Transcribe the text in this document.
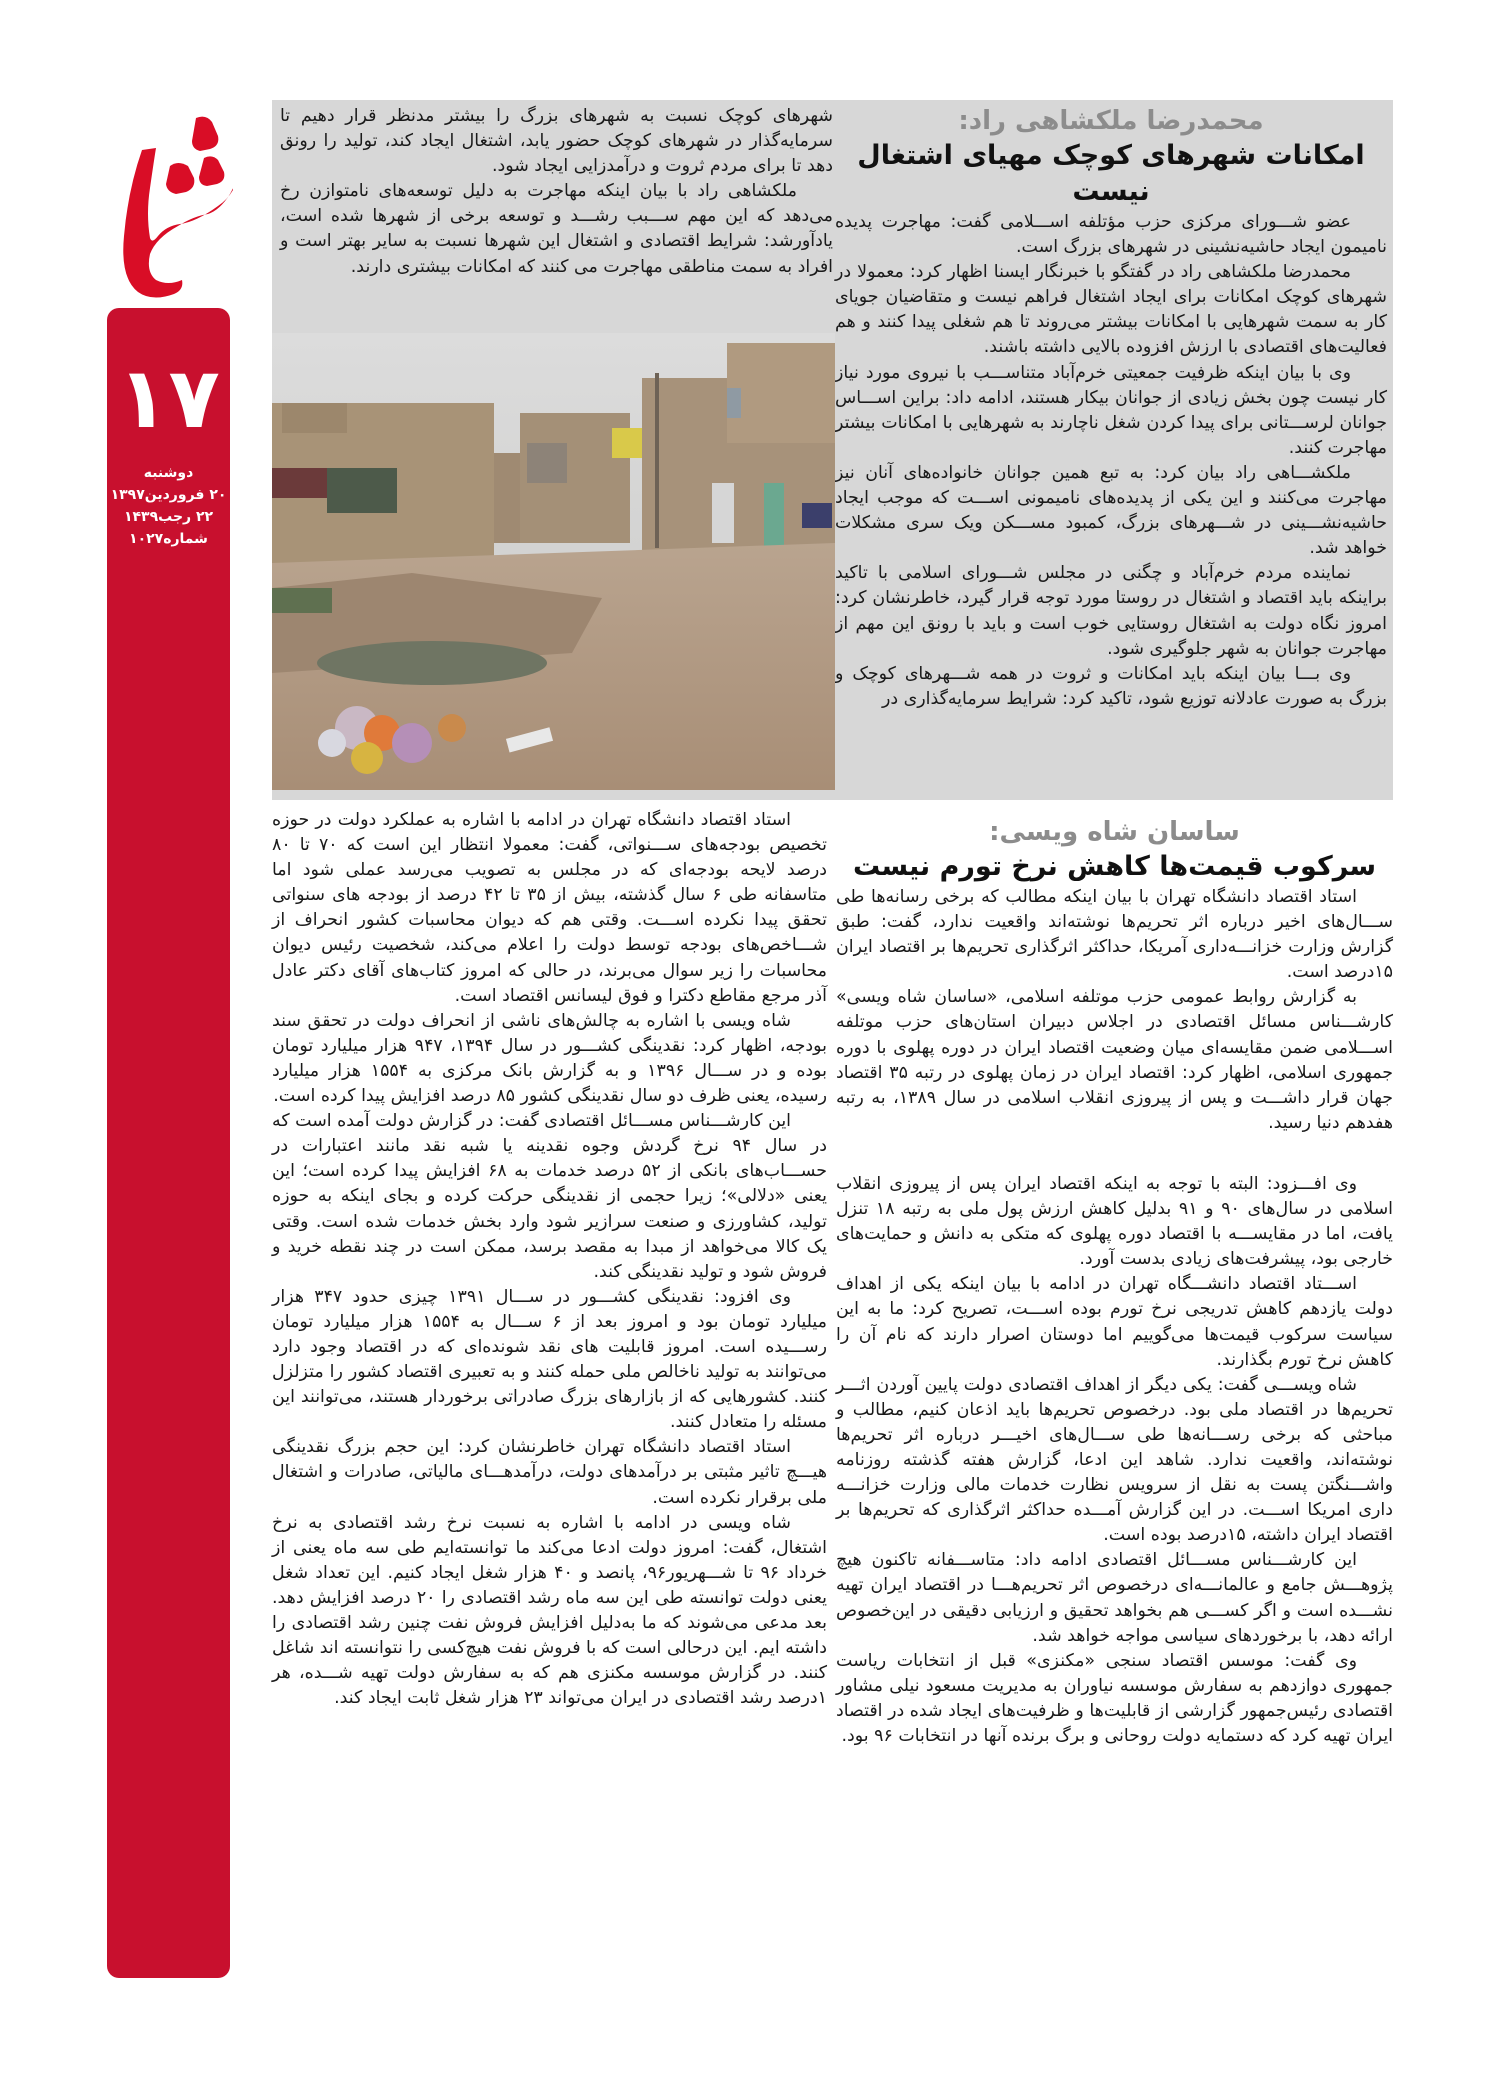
۱۷
دوشنبه
۲۰ فروردین۱۳۹۷
۲۲ رجب۱۴۳۹
شماره۱۰۲۷
محمدرضا ملکشاهی راد:
امکانات شهرهای کوچک مهیای اشتغال نیست

عضو شـــورای مرکزی حزب مؤتلفه اســـلامی گفت: مهاجرت پدیده نامیمون ایجاد حاشیه‌نشینی در شهرهای بزرگ است.

محمدرضا ملکشاهی راد در گفتگو با خبرنگار ایسنا اظهار کرد: معمولا در شهرهای کوچک امکانات برای ایجاد اشتغال فراهم نیست و متقاضیان جویای کار به سمت شهرهایی با امکانات بیشتر می‌روند تا هم شغلی پیدا کنند و هم فعالیت‌های اقتصادی با ارزش افزوده بالایی داشته باشند.

وی با بیان اینکه ظرفیت جمعیتی خرم‌آباد متناســـب با نیروی مورد نیاز کار نیست چون بخش زیادی از جوانان بیکار هستند، ادامه داد: براین اســـاس جوانان لرســـتانی برای پیدا کردن شغل ناچارند به شهرهایی با امکانات بیشتر مهاجرت کنند.

ملکشـــاهی راد بیان کرد: به تبع همین جوانان خانواده‌های آنان نیز مهاجرت می‌کنند و این یکی از پدیده‌های نامیمونی اســـت که موجب ایجاد حاشیه‌نشـــینی در شـــهرهای بزرگ، کمبود مســـکن ویک سری مشکلات خواهد شد.

نماینده مردم خرم‌آباد و چگنی در مجلس شـــورای اسلامی با تاکید براینکه باید اقتصاد و اشتغال در روستا مورد توجه قرار گیرد، خاطرنشان کرد: امروز نگاه دولت به اشتغال روستایی خوب است و باید با رونق این مهم از مهاجرت جوانان به شهر جلوگیری شود.

وی بـــا بیان اینکه باید امکانات و ثروت در همه شـــهرهای کوچک و بزرگ به صورت عادلانه توزیع شود، تاکید کرد: شرایط سرمایه‌گذاری در

شهرهای کوچک نسبت به شهرهای بزرگ را بیشتر مدنظر قرار دهیم تا سرمایه‌گذار در شهرهای کوچک حضور یابد، اشتغال ایجاد کند، تولید را رونق دهد تا برای مردم ثروت و درآمدزایی ایجاد شود.

ملکشاهی راد با بیان اینکه مهاجرت به دلیل توسعه‌های نامتوازن رخ می‌دهد که این مهم ســـبب رشـــد و توسعه برخی از شهرها شده است، یادآورشد: شرایط اقتصادی و اشتغال این شهرها نسبت به سایر بهتر است و افراد به سمت مناطقی مهاجرت می کنند که امکانات بیشتری دارند.

استاد اقتصاد دانشگاه تهران در ادامه با اشاره به عملکرد دولت در حوزه تخصیص بودجه‌های ســـنواتی، گفت: معمولا انتظار این است که ۷۰ تا ۸۰ درصد لایحه بودجه‌ای که در مجلس به تصویب می‌رسد عملی شود اما متاسفانه طی ۶ سال گذشته، بیش از ۳۵ تا ۴۲ درصد از بودجه های سنواتی تحقق پیدا نکرده اســـت. وقتی هم که دیوان محاسبات کشور انحراف از شـــاخص‌های بودجه توسط دولت را اعلام می‌کند، شخصیت رئیس دیوان محاسبات را زیر سوال می‌برند، در حالی که امروز کتاب‌های آقای دکتر عادل آذر مرجع مقاطع دکترا و فوق لیسانس اقتصاد است.

شاه ویسی با اشاره به چالش‌های ناشی از انحراف دولت در تحقق سند بودجه، اظهار کرد: نقدینگی کشـــور در سال ۱۳۹۴، ۹۴۷ هزار میلیارد تومان بوده و در ســـال ۱۳۹۶ و به گزارش بانک مرکزی به ۱۵۵۴ هزار میلیارد رسیده، یعنی ظرف دو سال نقدینگی کشور ۸۵ درصد افزایش پیدا کرده است.

این کارشـــناس مســـائل اقتصادی گفت: در گزارش دولت آمده است که در سال ۹۴ نرخ گردش وجوه نقدینه یا شبه نقد مانند اعتبارات در حســـاب‌های بانکی از ۵۲ درصد خدمات به ۶۸ افزایش پیدا کرده است؛ این یعنی «دلالی»؛ زیرا حجمی از نقدینگی حرکت کرده و بجای اینکه به حوزه تولید، کشاورزی و صنعت سرازیر شود وارد بخش خدمات شده است. وقتی یک کالا می‌خواهد از مبدا به مقصد برسد، ممکن است در چند نقطه خرید و فروش شود و تولید نقدینگی کند.

وی افزود: نقدینگی کشـــور در ســـال ۱۳۹۱ چیزی حدود ۳۴۷ هزار میلیارد تومان بود و امروز بعد از ۶ ســـال به ۱۵۵۴ هزار میلیارد تومان رســـیده است. امروز قابلیت های نقد شونده‌ای که در اقتصاد وجود دارد می‌توانند به تولید ناخالص ملی حمله کنند و به تعبیری اقتصاد کشور را متزلزل کنند. کشورهایی که از بازارهای بزرگ صادراتی برخوردار هستند، می‌توانند این مسئله را متعادل کنند.

استاد اقتصاد دانشگاه تهران خاطرنشان کرد: این حجم بزرگ نقدینگی هیـــچ تاثیر مثبتی بر درآمدهای دولت، درآمدهـــای مالیاتی، صادرات و اشتغال ملی برقرار نکرده است.

شاه ویسی در ادامه با اشاره به نسبت نرخ رشد اقتصادی به نرخ اشتغال، گفت: امروز دولت ادعا می‌کند ما توانسته‌ایم طی سه ماه یعنی از خرداد ۹۶ تا شـــهریور۹۶، پانصد و ۴۰ هزار شغل ایجاد کنیم. این تعداد شغل یعنی دولت توانسته طی این سه ماه رشد اقتصادی را ۲۰ درصد افزایش دهد. بعد مدعی می‌شوند که ما به‌دلیل افزایش فروش نفت چنین رشد اقتصادی را داشته ایم. این درحالی است که با فروش نفت هیچ‌کسی را نتوانسته اند شاغل کنند. در گزارش موسسه مکنزی هم که به سفارش دولت تهیه شـــده، هر ۱درصد رشد اقتصادی در ایران می‌تواند ۲۳ هزار شغل ثابت ایجاد کند.

ساسان شاه ویسی:
سرکوب قیمت‌ها کاهش نرخ تورم نیست

استاد اقتصاد دانشگاه تهران با بیان اینکه مطالب که برخی رسانه‌ها طی ســـال‌های اخیر درباره اثر تحریم‌ها نوشته‌اند واقعیت ندارد، گفت: طبق گزارش وزارت خزانـــه‌داری آمریکا، حداکثر اثرگذاری تحریم‌ها بر اقتصاد ایران ۱۵درصد است.

به گزارش روابط عمومی حزب موتلفه اسلامی، «ساسان شاه ویسی» کارشـــناس مسائل اقتصادی در اجلاس دبیران استان‌های حزب موتلفه اســـلامی ضمن مقایسه‌ای میان وضعیت اقتصاد ایران در دوره پهلوی با دوره جمهوری اسلامی، اظهار کرد: اقتصاد ایران در زمان پهلوی در رتبه ۳۵ اقتصاد جهان قرار داشـــت و پس از پیروزی انقلاب اسلامی در سال ۱۳۸۹، به رتبه هفدهم دنیا رسید.

وی افـــزود: البته با توجه به اینکه اقتصاد ایران پس از پیروزی انقلاب اسلامی در سال‌های ۹۰ و ۹۱ بدلیل کاهش ارزش پول ملی به رتبه ۱۸ تنزل یافت، اما در مقایســـه با اقتصاد دوره پهلوی که متکی به دانش و حمایت‌های خارجی بود، پیشرفت‌های زیادی بدست آورد.

اســـتاد اقتصاد دانشـــگاه تهران در ادامه با بیان اینکه یکی از اهداف دولت یازدهم کاهش تدریجی نرخ تورم بوده اســـت، تصریح کرد: ما به این سیاست سرکوب قیمت‌ها می‌گوییم اما دوستان اصرار دارند که نام آن را کاهش نرخ تورم بگذارند.

شاه ویســـی گفت: یکی دیگر از اهداف اقتصادی دولت پایین آوردن اثـــر تحریم‌ها در اقتصاد ملی بود. درخصوص تحریم‌ها باید اذعان کنیم، مطالب و مباحثی که برخی رســـانه‌ها طی ســـال‌های اخیـــر درباره اثر تحریم‌ها نوشته‌اند، واقعیت ندارد. شاهد این ادعا، گزارش هفته گذشته روزنامه واشـــنگتن پست به نقل از سرویس نظارت خدمات مالی وزارت خزانـــه داری امریکا اســـت. در این گزارش آمـــده حداکثر اثرگذاری که تحریم‌ها بر اقتصاد ایران داشته، ۱۵درصد بوده است.

این کارشـــناس مســـائل اقتصادی ادامه داد: متاســـفانه تاکنون هیچ پژوهـــش جامع و عالمانـــه‌ای درخصوص اثر تحریم‌هـــا در اقتصاد ایران تهیه نشـــده است و اگر کســـی هم بخواهد تحقیق و ارزیابی دقیقی در این‌خصوص ارائه دهد، با برخوردهای سیاسی مواجه خواهد شد.

وی گفت: موسس اقتصاد سنجی «مکنزی» قبل از انتخابات ریاست جمهوری دوازدهم به سفارش موسسه نیاوران به مدیریت مسعود نیلی مشاور اقتصادی رئیس‌جمهور گزارشی از قابلیت‌ها و ظرفیت‌های ایجاد شده در اقتصاد ایران تهیه کرد که دستمایه دولت روحانی و برگ برنده آنها در انتخابات ۹۶ بود.
